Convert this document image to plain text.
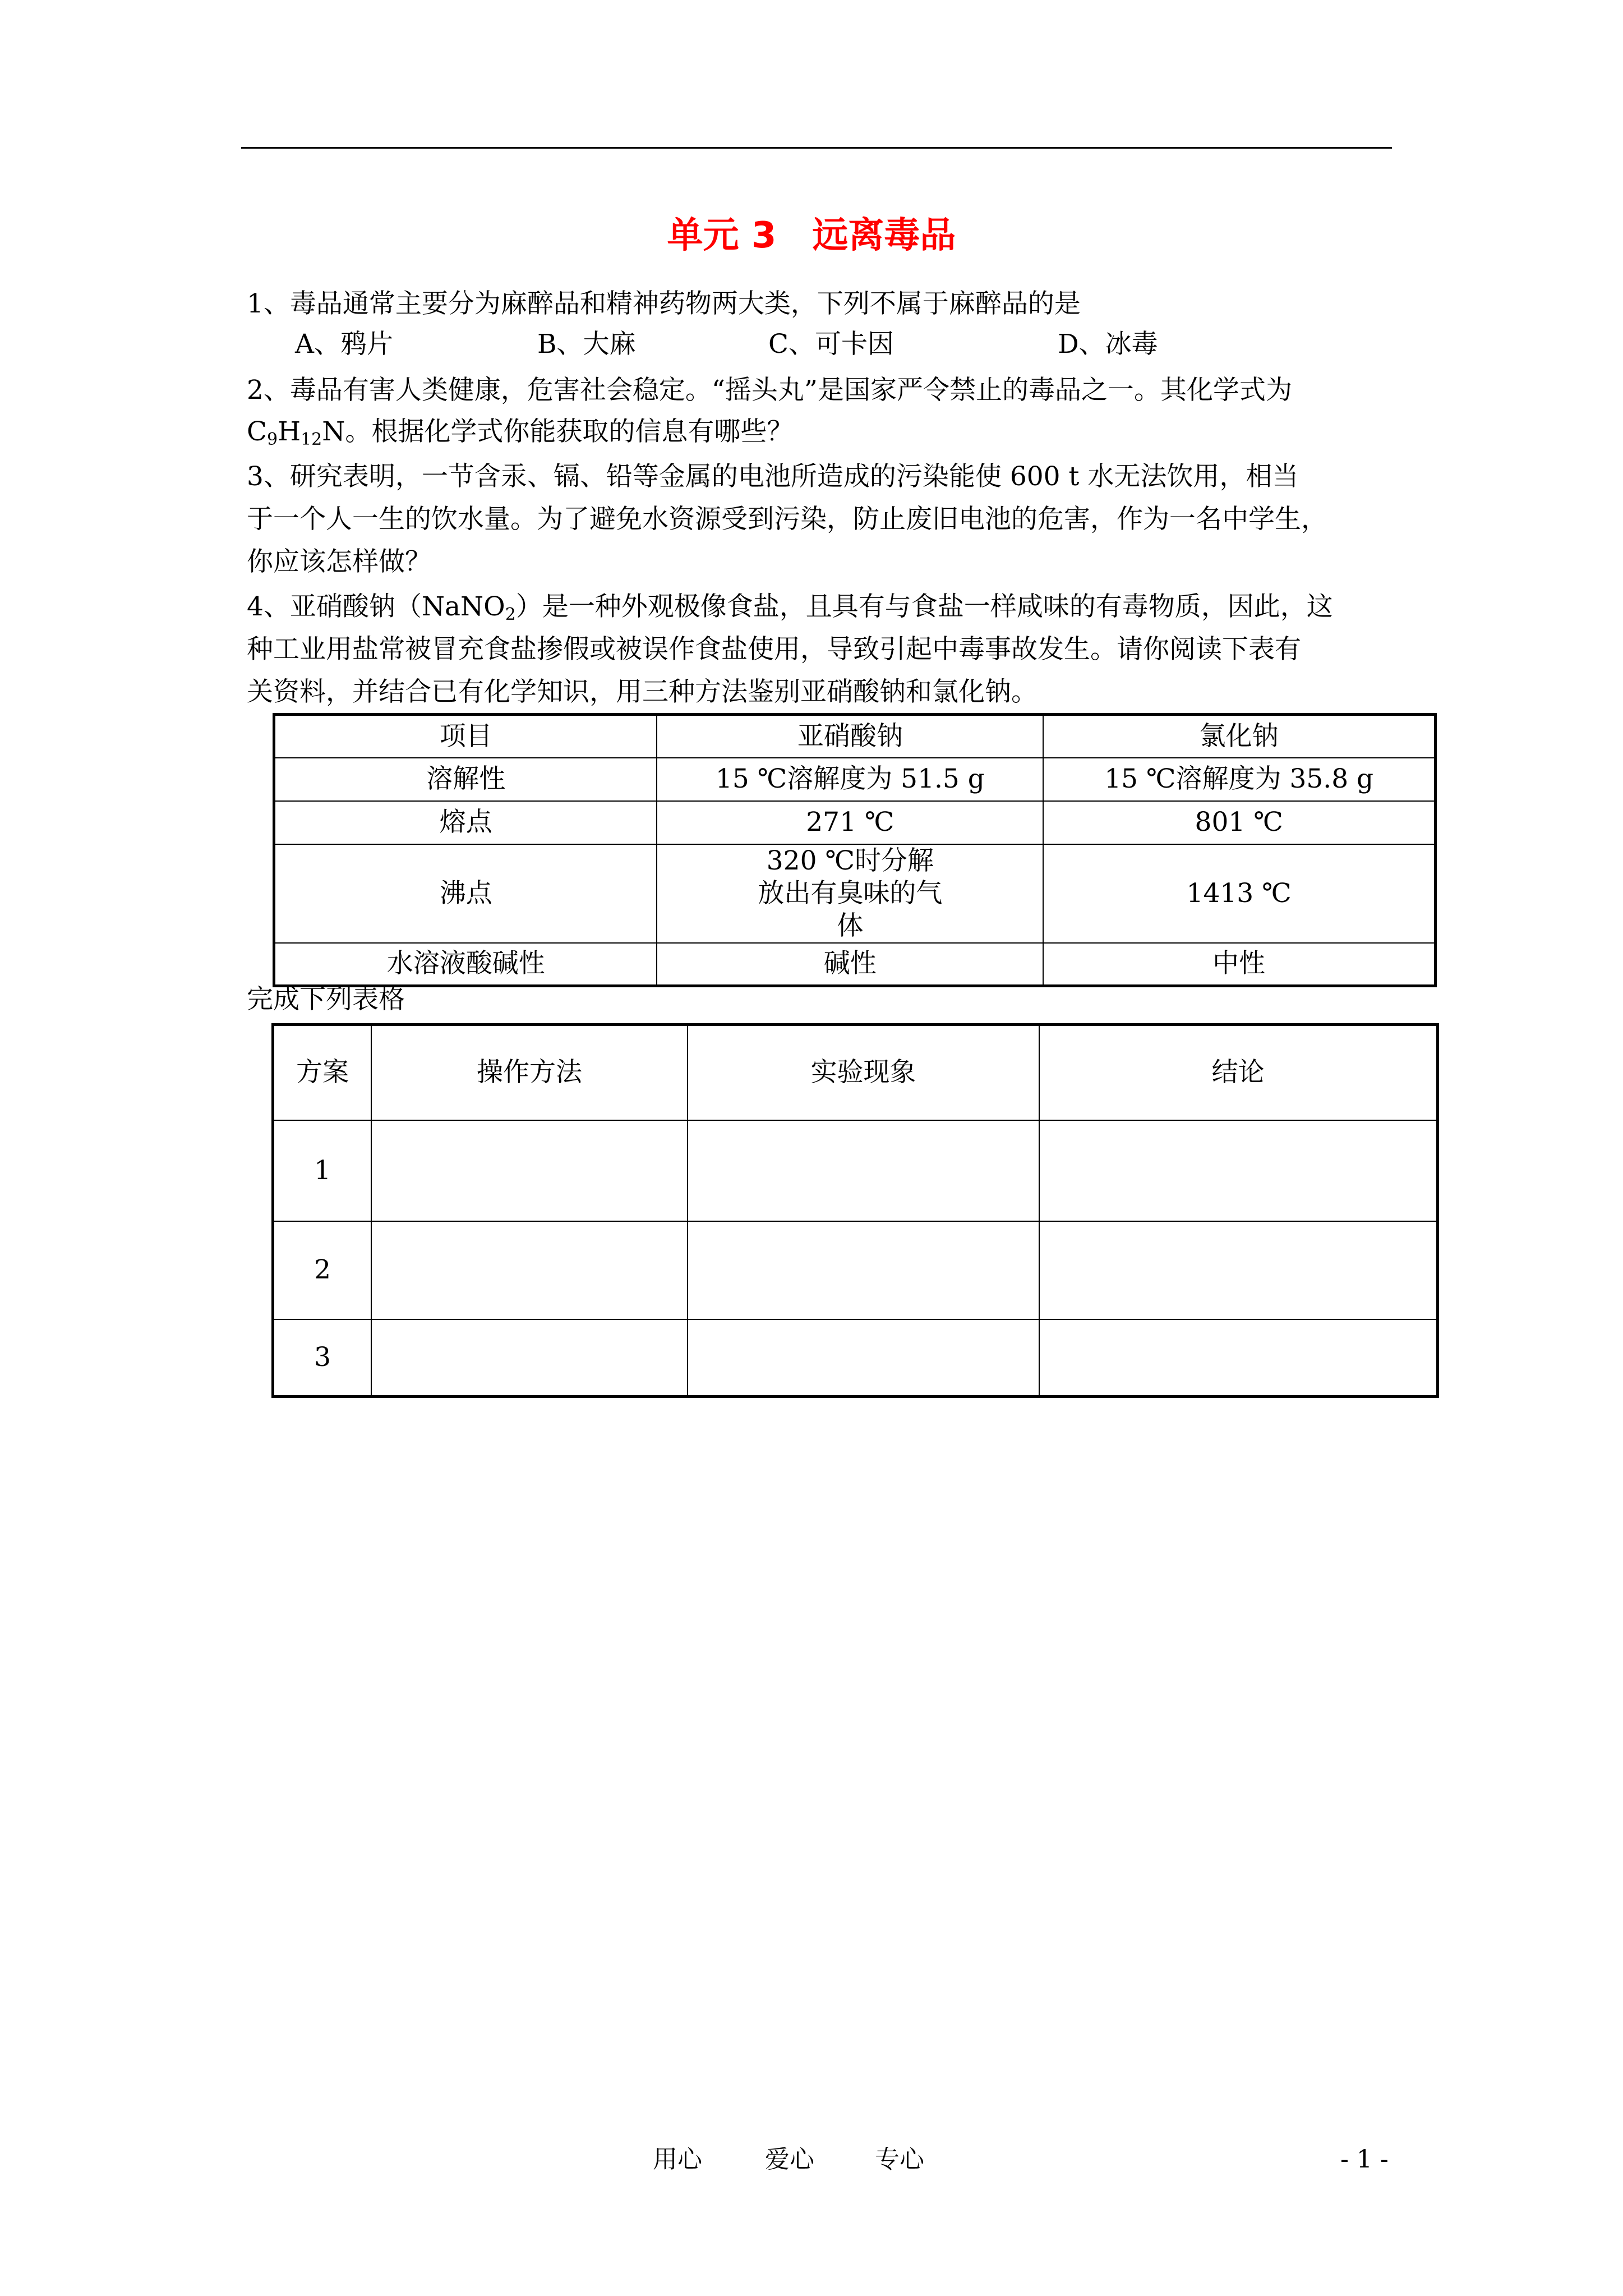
单元 3　远离毒品
1、毒品通常主要分为麻醉品和精神药物两大类，下列不属于麻醉品的是
A、鸦片	B、大麻	C、可卡因	D、冰毒
2、毒品有害人类健康，危害社会稳定。“摇头丸”是国家严令禁止的毒品之一。其化学式为
$C_9H_{12}N$。根据化学式你能获取的信息有哪些？
3、研究表明，一节含汞、镉、铅等金属的电池所造成的污染能使 600 t 水无法饮用，相当
于一个人一生的饮水量。为了避免水资源受到污染，防止废旧电池的危害，作为一名中学生，
你应该怎样做？
4、亚硝酸钠（NaNO$_2$）是一种外观极像食盐，且具有与食盐一样咸味的有毒物质，因此，这
种工业用盐常被冒充食盐掺假或被误作食盐使用，导致引起中毒事故发生。请你阅读下表有
关资料，并结合已有化学知识，用三种方法鉴别亚硝酸钠和氯化钠。
项目	亚硝酸钠	氯化钠
溶解性	15 ℃溶解度为 51.5 g	15 ℃溶解度为 35.8 g
熔点	271 ℃	801 ℃
沸点	320 ℃时分解放出有臭味的气体	1413 ℃
水溶液酸碱性	碱性	中性
完成下列表格
方案	操作方法	实验现象	结论
1			
2			
3			
用心	爱心 专心	- 1 -
